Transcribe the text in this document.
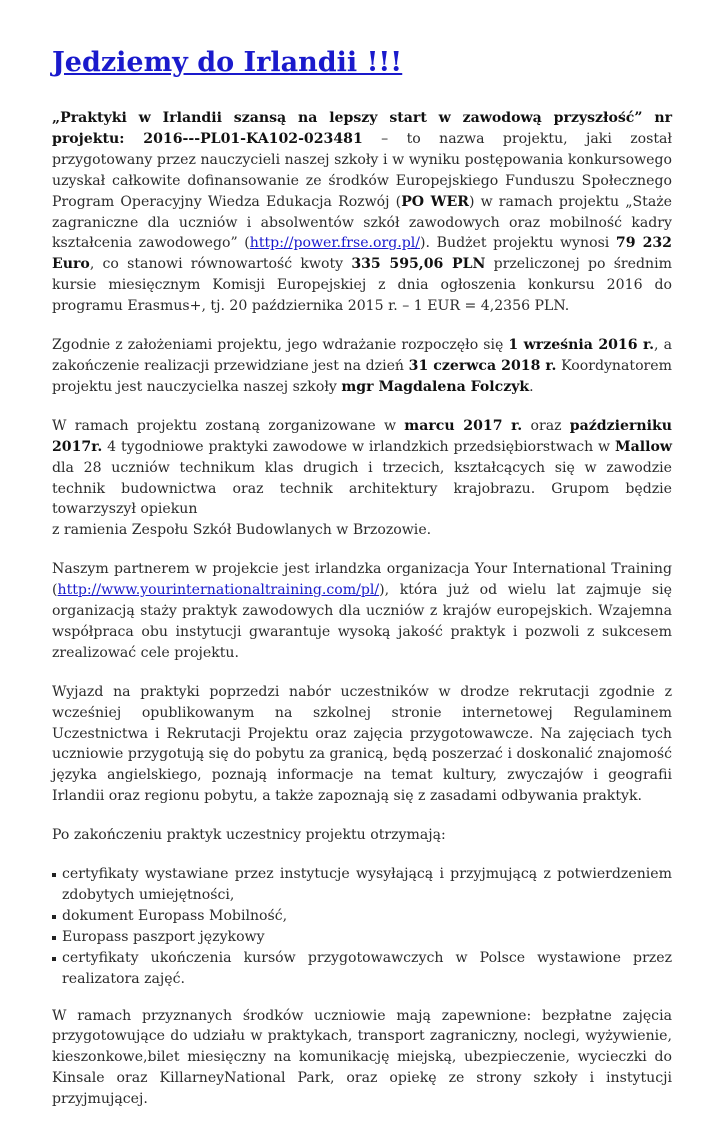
Jedziemy do Irlandii !!!

„Praktyki w Irlandii szansą na lepszy start w zawodową przyszłość” nr projektu: 2016---PL01-KA102-023481 – to nazwa projektu, jaki został przygotowany przez nauczycieli naszej szkoły i w wyniku postępowania konkursowego uzyskał całkowite dofinansowanie ze środków Europejskiego Funduszu Społecznego Program Operacyjny Wiedza Edukacja Rozwój (PO WER) w ramach projektu „Staże zagraniczne dla uczniów i absolwentów szkół zawodowych oraz mobilność kadry kształcenia zawodowego” (http://power.frse.org.pl/). Budżet projektu wynosi 79 232 Euro, co stanowi równowartość kwoty 335 595,06 PLN przeliczonej po średnim kursie miesięcznym Komisji Europejskiej z dnia ogłoszenia konkursu 2016 do programu Erasmus+, tj. 20 października 2015 r. – 1 EUR = 4,2356 PLN.

Zgodnie z założeniami projektu, jego wdrażanie rozpoczęło się 1 września 2016 r., a zakończenie realizacji przewidziane jest na dzień 31 czerwca 2018 r. Koordynatorem projektu jest nauczycielka naszej szkoły mgr Magdalena Folczyk.

W ramach projektu zostaną zorganizowane w marcu 2017 r. oraz październiku 2017r. 4 tygodniowe praktyki zawodowe w irlandzkich przedsiębiorstwach w Mallow dla 28 uczniów technikum klas drugich i trzecich, kształcących się w zawodzie technik budownictwa oraz technik architektury krajobrazu. Grupom będzie towarzyszył opiekun
z ramienia Zespołu Szkół Budowlanych w Brzozowie.

Naszym partnerem w projekcie jest irlandzka organizacja Your International Training (http://www.yourinternationaltraining.com/pl/), która już od wielu lat zajmuje się organizacją staży praktyk zawodowych dla uczniów z krajów europejskich. Wzajemna współpraca obu instytucji gwarantuje wysoką jakość praktyk i pozwoli z sukcesem zrealizować cele projektu.

Wyjazd na praktyki poprzedzi nabór uczestników w drodze rekrutacji zgodnie z wcześniej opublikowanym na szkolnej stronie internetowej Regulaminem Uczestnictwa i Rekrutacji Projektu oraz zajęcia przygotowawcze. Na zajęciach tych uczniowie przygotują się do pobytu za granicą, będą poszerzać i doskonalić znajomość języka angielskiego, poznają informacje na temat kultury, zwyczajów i geografii Irlandii oraz regionu pobytu, a także zapoznają się z zasadami odbywania praktyk.

Po zakończeniu praktyk uczestnicy projektu otrzymają:

certyfikaty wystawiane przez instytucje wysyłającą i przyjmującą z potwierdzeniem zdobytych umiejętności,
dokument Europass Mobilność,
Europass paszport językowy
certyfikaty ukończenia kursów przygotowawczych w Polsce wystawione przez realizatora zajęć.

W ramach przyznanych środków uczniowie mają zapewnione: bezpłatne zajęcia przygotowujące do udziału w praktykach, transport zagraniczny, noclegi, wyżywienie, kieszonkowe,bilet miesięczny na komunikację miejską, ubezpieczenie, wycieczki do Kinsale oraz KillarneyNational Park, oraz opiekę ze strony szkoły i instytucji przyjmującej.
